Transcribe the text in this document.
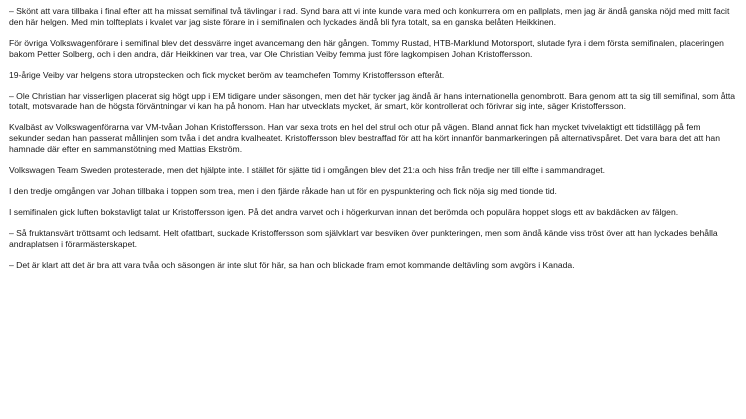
– Skönt att vara tillbaka i final efter att ha missat semifinal två tävlingar i rad. Synd bara att vi inte kunde vara med och konkurrera om en pallplats, men jag är ändå ganska nöjd med mitt facit den här helgen. Med min tolfteplats i kvalet var jag siste förare in i semifinalen och lyckades ändå bli fyra totalt, sa en ganska belåten Heikkinen.

För övriga Volkswagenförare i semifinal blev det dessvärre inget avancemang den här gången. Tommy Rustad, HTB-Marklund Motorsport, slutade fyra i dem första semifinalen, placeringen bakom Petter Solberg, och i den andra, där Heikkinen var trea, var Ole Christian Veiby femma just före lagkompisen Johan Kristoffersson.

19-årige Veiby var helgens stora utropstecken och fick mycket beröm av teamchefen Tommy Kristoffersson efteråt.

– Ole Christian har visserligen placerat sig högt upp i EM tidigare under säsongen, men det här tycker jag ändå är hans internationella genombrott. Bara genom att ta sig till semifinal, som åtta totalt, motsvarade han de högsta förväntningar vi kan ha på honom. Han har utvecklats mycket, är smart, kör kontrollerat och förivrar sig inte, säger Kristoffersson.

Kvalbäst av Volkswagenförarna var VM-tvåan Johan Kristoffersson. Han var sexa trots en hel del strul och otur på vägen. Bland annat fick han mycket tvivelaktigt ett tidstillägg på fem sekunder sedan han passerat mållinjen som tvåa i det andra kvalheatet. Kristoffersson blev bestraffad för att ha kört innanför banmarkeringen på alternativspåret. Det vara bara det att han hamnade där efter en sammanstötning med Mattias Ekström.

Volkswagen Team Sweden protesterade, men det hjälpte inte. I stället för sjätte tid i omgången blev det 21:a och hiss från tredje ner till elfte i sammandraget.

I den tredje omgången var Johan tillbaka i toppen som trea, men i den fjärde råkade han ut för en pyspunktering och fick nöja sig med tionde tid.

I semifinalen gick luften bokstavligt talat ur Kristoffersson igen. På det andra varvet och i högerkurvan innan det berömda och populära hoppet slogs ett av bakdäcken av fälgen.

– Så fruktansvärt tröttsamt och ledsamt. Helt ofattbart, suckade Kristoffersson som självklart var besviken över punkteringen, men som ändå kände viss tröst över att han lyckades behålla andraplatsen i förarmästerskapet.

– Det är klart att det är bra att vara tvåa och säsongen är inte slut för här, sa han och blickade fram emot kommande deltävling som avgörs i Kanada.
